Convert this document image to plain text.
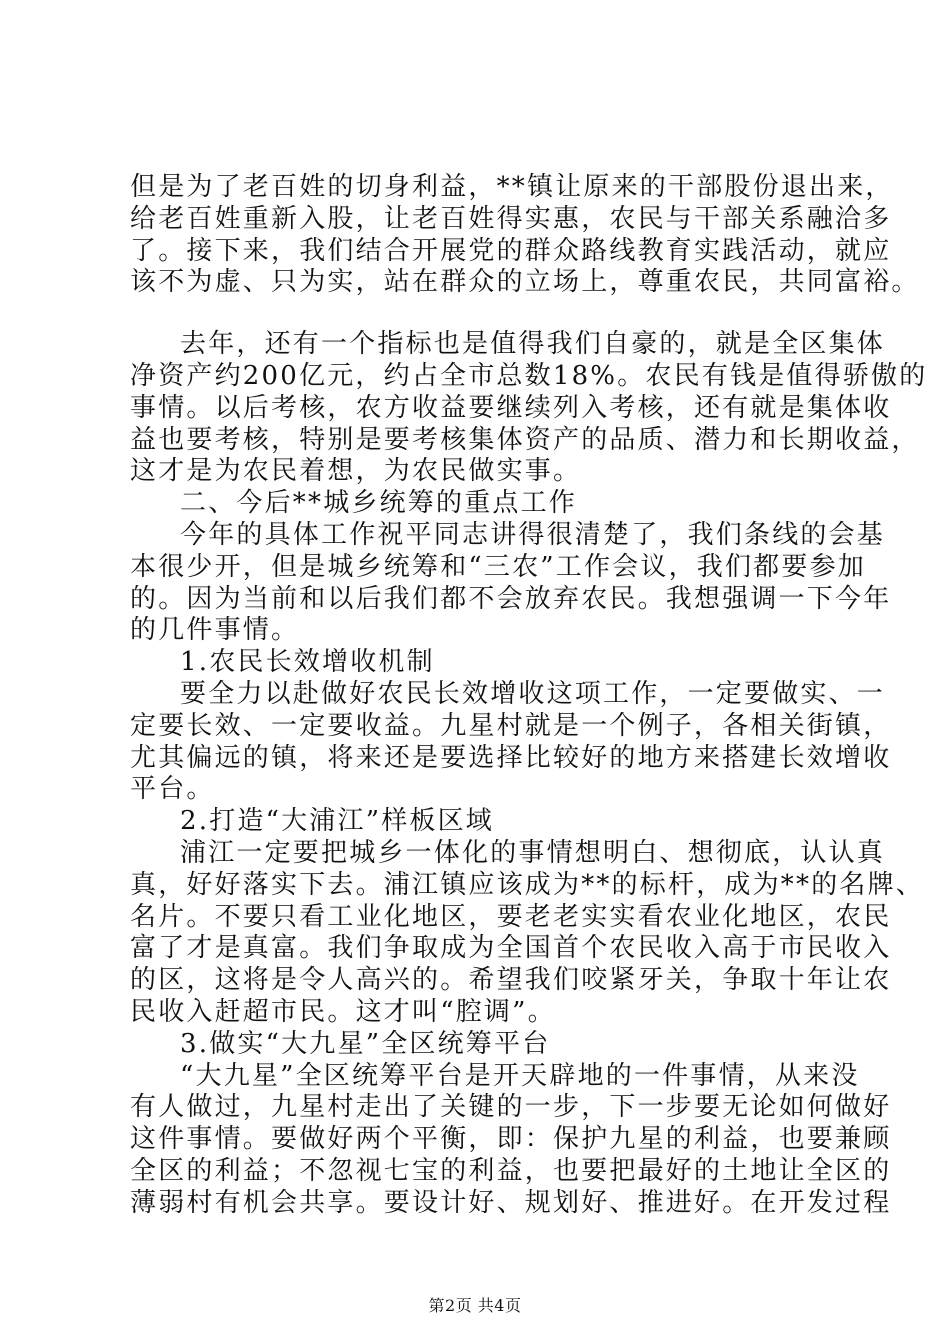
但是为了老百姓的切身利益，**镇让原来的干部股份退出来，
给老百姓重新入股，让老百姓得实惠，农民与干部关系融洽多
了。接下来，我们结合开展党的群众路线教育实践活动，就应
该不为虚、只为实，站在群众的立场上，尊重农民，共同富裕。
去年，还有一个指标也是值得我们自豪的，就是全区集体
净资产约200亿元，约占全市总数18%。农民有钱是值得骄傲的
事情。以后考核，农方收益要继续列入考核，还有就是集体收
益也要考核，特别是要考核集体资产的品质、潜力和长期收益，
这才是为农民着想，为农民做实事。
二、今后**城乡统筹的重点工作
今年的具体工作祝平同志讲得很清楚了，我们条线的会基
本很少开，但是城乡统筹和“三农”工作会议，我们都要参加
的。因为当前和以后我们都不会放弃农民。我想强调一下今年
的几件事情。
1.农民长效增收机制
要全力以赴做好农民长效增收这项工作，一定要做实、一
定要长效、一定要收益。九星村就是一个例子，各相关街镇，
尤其偏远的镇，将来还是要选择比较好的地方来搭建长效增收
平台。
2.打造“大浦江”样板区域
浦江一定要把城乡一体化的事情想明白、想彻底，认认真
真，好好落实下去。浦江镇应该成为**的标杆，成为**的名牌、
名片。不要只看工业化地区，要老老实实看农业化地区，农民
富了才是真富。我们争取成为全国首个农民收入高于市民收入
的区，这将是令人高兴的。希望我们咬紧牙关，争取十年让农
民收入赶超市民。这才叫“腔调”。
3.做实“大九星”全区统筹平台
“大九星”全区统筹平台是开天辟地的一件事情，从来没
有人做过，九星村走出了关键的一步，下一步要无论如何做好
这件事情。要做好两个平衡，即：保护九星的利益，也要兼顾
全区的利益；不忽视七宝的利益，也要把最好的土地让全区的
薄弱村有机会共享。要设计好、规划好、推进好。在开发过程
第2页 共4页
